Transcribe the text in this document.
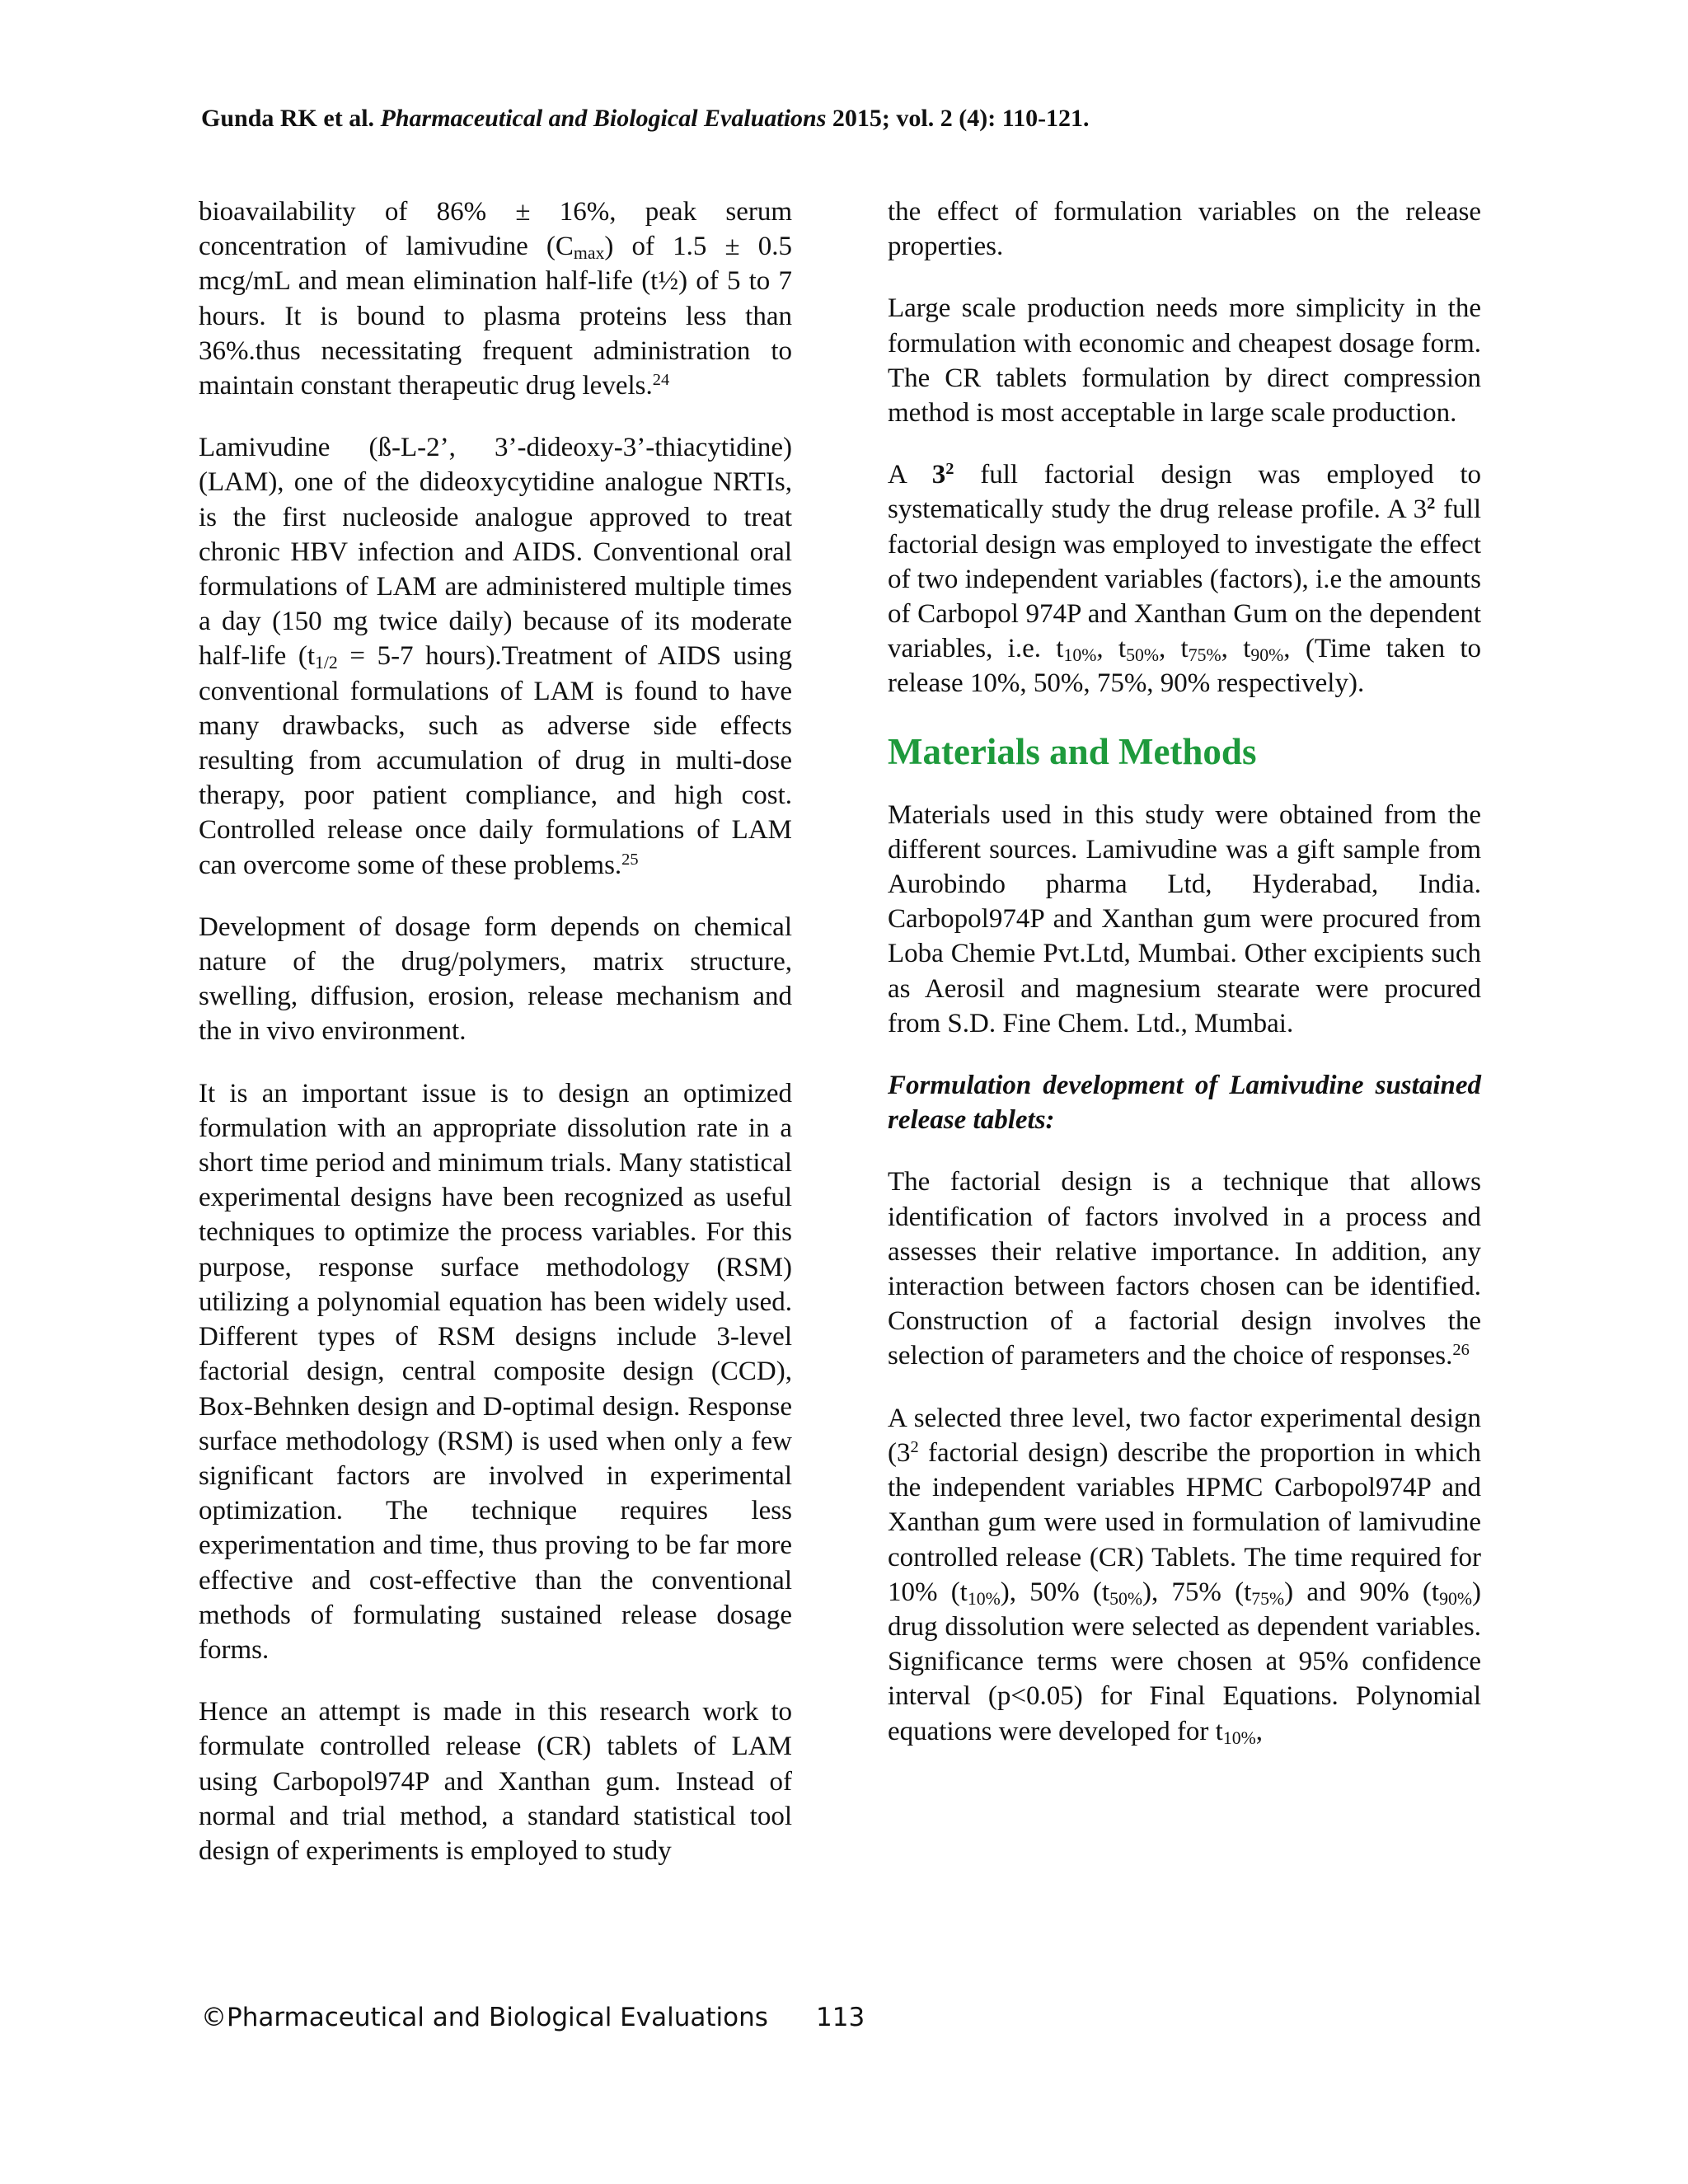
Gunda RK et al. Pharmaceutical and Biological Evaluations 2015; vol. 2 (4): 110-121.

bioavailability of 86% ± 16%, peak serum concentration of lamivudine $(C_{max})$ of 1.5 ± 0.5 mcg/mL and mean elimination half-life (t½) of 5 to 7 hours. It is bound to plasma proteins less than 36%.thus necessitating frequent administration to maintain constant therapeutic drug levels.$^{24}$

Lamivudine (ß-L-2’, 3’-dideoxy-3’-thiacytidine) (LAM), one of the dideoxycytidine analogue NRTIs, is the first nucleoside analogue approved to treat chronic HBV infection and AIDS. Conventional oral formulations of LAM are administered multiple times a day (150 mg twice daily) because of its moderate half-life ($t_{1/2} = 5-7$ hours).Treatment of AIDS using conventional formulations of LAM is found to have many drawbacks, such as adverse side effects resulting from accumulation of drug in multi-dose therapy, poor patient compliance, and high cost. Controlled release once daily formulations of LAM can overcome some of these problems.$^{25}$

Development of dosage form depends on chemical nature of the drug/polymers, matrix structure, swelling, diffusion, erosion, release mechanism and the in vivo environment.

It is an important issue is to design an optimized formulation with an appropriate dissolution rate in a short time period and minimum trials. Many statistical experimental designs have been recognized as useful techniques to optimize the process variables. For this purpose, response surface methodology (RSM) utilizing a polynomial equation has been widely used. Different types of RSM designs include 3-level factorial design, central composite design (CCD), Box-Behnken design and D-optimal design. Response surface methodology (RSM) is used when only a few significant factors are involved in experimental optimization. The technique requires less experimentation and time, thus proving to be far more effective and cost-effective than the conventional methods of formulating sustained release dosage forms.

Hence an attempt is made in this research work to formulate controlled release (CR) tablets of LAM using Carbopol974P and Xanthan gum. Instead of normal and trial method, a standard statistical tool design of experiments is employed to study

the effect of formulation variables on the release properties.

Large scale production needs more simplicity in the formulation with economic and cheapest dosage form. The CR tablets formulation by direct compression method is most acceptable in large scale production.

A $3^2$ full factorial design was employed to systematically study the drug release profile. A $3^2$ full factorial design was employed to investigate the effect of two independent variables (factors), i.e the amounts of Carbopol 974P and Xanthan Gum on the dependent variables, i.e. $t_{10\%}$, $t_{50\%}$, $t_{75\%}$, $t_{90\%}$, (Time taken to release 10%, 50%, 75%, 90% respectively).

Materials and Methods

Materials used in this study were obtained from the different sources. Lamivudine was a gift sample from Aurobindo pharma Ltd, Hyderabad, India. Carbopol974P and Xanthan gum were procured from Loba Chemie Pvt.Ltd, Mumbai. Other excipients such as Aerosil and magnesium stearate were procured from S.D. Fine Chem. Ltd., Mumbai.

Formulation development of Lamivudine sustained release tablets:

The factorial design is a technique that allows identification of factors involved in a process and assesses their relative importance. In addition, any interaction between factors chosen can be identified. Construction of a factorial design involves the selection of parameters and the choice of responses.$^{26}$

A selected three level, two factor experimental design ($3^2$ factorial design) describe the proportion in which the independent variables HPMC Carbopol974P and Xanthan gum were used in formulation of lamivudine controlled release (CR) Tablets. The time required for 10% $(t_{10\%})$, 50% $(t_{50\%})$, 75% $(t_{75\%})$ and 90% $(t_{90\%})$ drug dissolution were selected as dependent variables. Significance terms were chosen at 95% confidence interval (p<0.05) for Final Equations. Polynomial equations were developed for $t_{10\%}$,

©Pharmaceutical and Biological Evaluations 113
